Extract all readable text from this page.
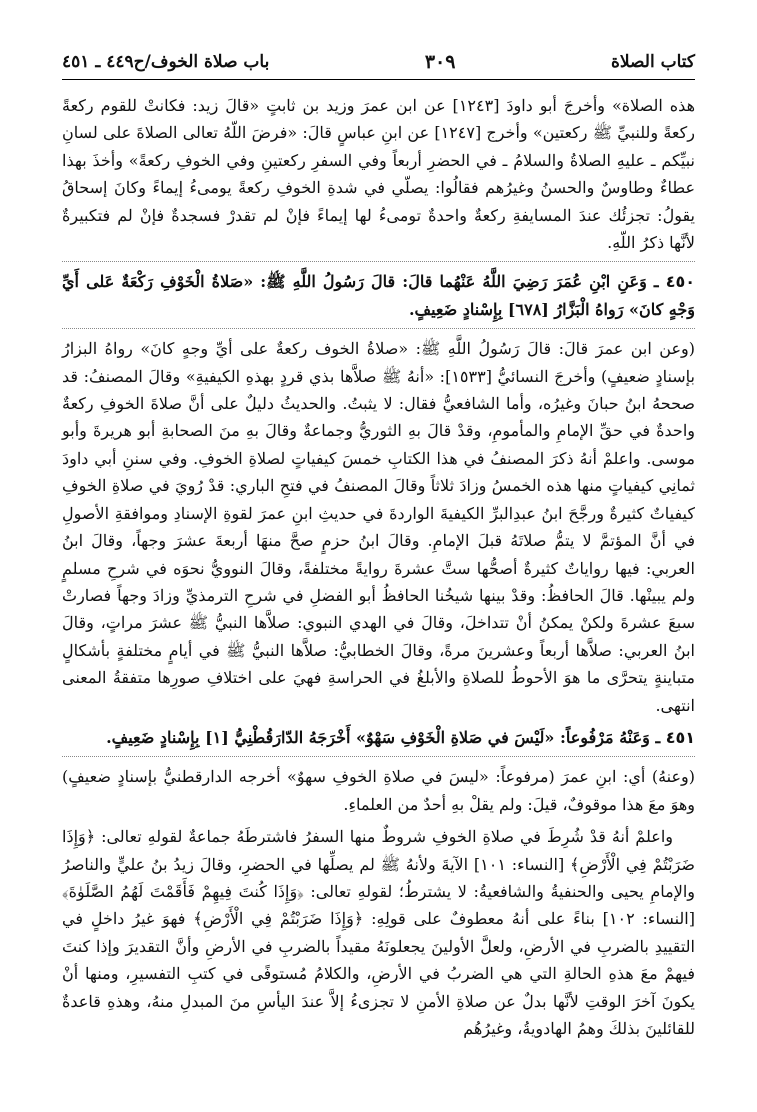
كتاب الصلاة
٣٠٩
باب صلاة الخوف/ح٤٤٩ ـ ٤٥١

هذه الصلاة» وأخرجَ أبو داودَ [١٢٤٣] عن ابن عمرَ وزيد بن ثابتٍ «قالَ زيد: فكانتْ للقوم ركعةً ركعةً وللنبيِّ ﷺ ركعتين» وأخرج [١٢٤٧] عن ابنِ عباسٍ قالَ: «فرضَ اللّهُ تعالى الصلاةَ على لسانِ نبيِّكم ـ عليهِ الصلاةُ والسلامُ ـ في الحضرِ أربعاً وفي السفرِ ركعتينِ وفي الخوفِ ركعةً» وأخذَ بهذا عطاءٌ وطاوسٌ والحسنُ وغيرُهم فقالُوا: يصلّي في شدةِ الخوفِ ركعةً يومىءُ إيماءً وكانَ إسحاقُ يقولُ: تجزئُك عندَ المسايفةِ ركعةٌ واحدةٌ تومىءُ لها إيماءً فإنْ لم تقدرْ فسجدةٌ فإنْ لم فتكبيرةٌ لأنَّها ذكرُ اللّهِ.

٤٥٠ ـ وَعَنِ ابْنِ عُمَرَ رَضِيَ اللَّهُ عَنْهُما قالَ: قالَ رَسُولُ اللَّهِ ﷺ: «صَلاةُ الْخَوْفِ رَكْعَةٌ عَلى أَيِّ وَجْهٍ كانَ» رَواهُ الْبَزَّارُ [٦٧٨] بِإِسْنادٍ ضَعِيفٍ.

(وعن ابن عمرَ قالَ: قالَ رَسُولُ اللَّهِ ﷺ: «صلاةُ الخوف ركعةٌ على أيِّ وجهٍ كانَ» رواهُ البزارُ بإسنادٍ ضعيفٍ) وأخرجَ النسائيُّ [١٥٣٣]: «أنهُ ﷺ صلاَّها بذي قردٍ بهذهِ الكيفيةِ» وقالَ المصنفُ: قد صححهُ ابنُ حبانَ وغيرُه، وأما الشافعيُّ فقال: لا يثبتُ. والحديثُ دليلٌ على أنَّ صلاةَ الخوفِ ركعةٌ واحدةٌ في حقِّ الإمامِ والمأمومِ، وقدْ قالَ بهِ الثوريُّ وجماعةٌ وقالَ بهِ منَ الصحابةِ أبو هريرةَ وأبو موسى. واعلمْ أنهُ ذكرَ المصنفُ في هذا الكتابِ خمسَ كيفياتٍ لصلاةِ الخوفِ. وفي سننِ أبي داودَ ثمانِي كيفياتٍ منها هذه الخمسُ وزادَ ثلاثاً وقالَ المصنفُ في فتحِ الباري: قدْ رُويَ في صلاةِ الخوفِ كيفياتٌ كثيرةٌ ورجَّحَ ابنُ عبدِالبرِّ الكيفيةَ الواردةَ في حديثِ ابنِ عمرَ لقوةِ الإسنادِ وموافقةِ الأصولِ في أنَّ المؤتمَّ لا يتمُّ صلاتَهُ قبلَ الإمامِ. وقالَ ابنُ حزمٍ صحَّ منهَا أربعةَ عشرَ وجهاً، وقالَ ابنُ العربي: فيها رواياتٌ كثيرةٌ أصحُّها ستَّ عشرةَ روايةً مختلفةً، وقالَ النوويُّ نحوَه في شرحِ مسلمٍ ولم يبينْها. قالَ الحافظُ: وقدْ بينها شيخُنا الحافظُ أبو الفضلِ في شرحِ الترمذيِّ وزادَ وجهاً فصارتْ سبعَ عشرةَ ولكنْ يمكنُ أنْ تتداخلَ، وقالَ في الهدي النبوي: صلاَّها النبيُّ ﷺ عشرَ مراتٍ، وقالَ ابنُ العربي: صلاَّها أربعاً وعشرينَ مرةً، وقالَ الخطابيُّ: صلاَّها النبيُّ ﷺ في أيامٍ مختلفةٍ بأشكالٍ متباينةٍ يتحرَّى ما هوَ الأحوطُ للصلاةِ والأبلغُ في الحراسةِ فهيَ على اختلافِ صورِها متفقةُ المعنى انتهى.

٤٥١ ـ وَعَنْهُ مَرْفُوعاً: «لَيْسَ في صَلاةِ الْخَوْفِ سَهْوٌ» أَخْرَجَهُ الدّارَقُطْنِيُّ [١] بِإِسْنادٍ ضَعِيفٍ.

(وعنهُ) أي: ابنِ عمرَ (مرفوعاً: «ليسَ في صلاةِ الخوفِ سهوٌ» أخرجه الدارقطنيُّ بإسنادٍ ضعيفٍ) وهوَ معَ هذا موقوفٌ، قيلَ: ولم يقلْ بهِ أحدٌ من العلماءِ.

واعلمْ أنهُ قدْ شُرِطَ في صلاةِ الخوفِ شروطٌ منها السفرُ فاشترطَهُ جماعةٌ لقولهِ تعالى: ﴿وَإِذَا ضَرَبْتُمْ فِي الْأَرْضِ﴾ [النساء: ١٠١] الآيةَ ولأنهُ ﷺ لم يصلِّها في الحضرِ، وقالَ زيدُ بنُ عليٍّ والناصرُ والإمامِ يحيى والحنفيةُ والشافعيةُ: لا يشترطُ؛ لقولهِ تعالى: ﴿وَإِذَا كُنتَ فِيهِمْ فَأَقَمْتَ لَهُمُ الصَّلَوٰةَ﴾ [النساء: ١٠٢] بناءً على أنهُ معطوفٌ على قولِهِ: ﴿وَإِذَا ضَرَبْتُمْ فِي الْأَرْضِ﴾ فهوَ غيرُ داخلٍ في التقييدِ بالضربِ في الأرضِ، ولعلَّ الأولينَ يجعلونَهُ مقيداً بالضربِ في الأرضِ وأنَّ التقديرَ وإذا كنتَ فيهمْ معَ هذهِ الحالةِ التي هي الضربُ في الأرضِ، والكلامُ مُستوفًى في كتبِ التفسيرِ، ومنها أنْ يكونَ آخرَ الوقتِ لأنَّها بدلٌ عن صلاةِ الأمنِ لا تجزىءُ إلاَّ عندَ اليأسِ منَ المبدلِ منهُ، وهذهِ قاعدةٌ للقائلينَ بذلكَ وهمُ الهادويةُ، وغيرُهُم
